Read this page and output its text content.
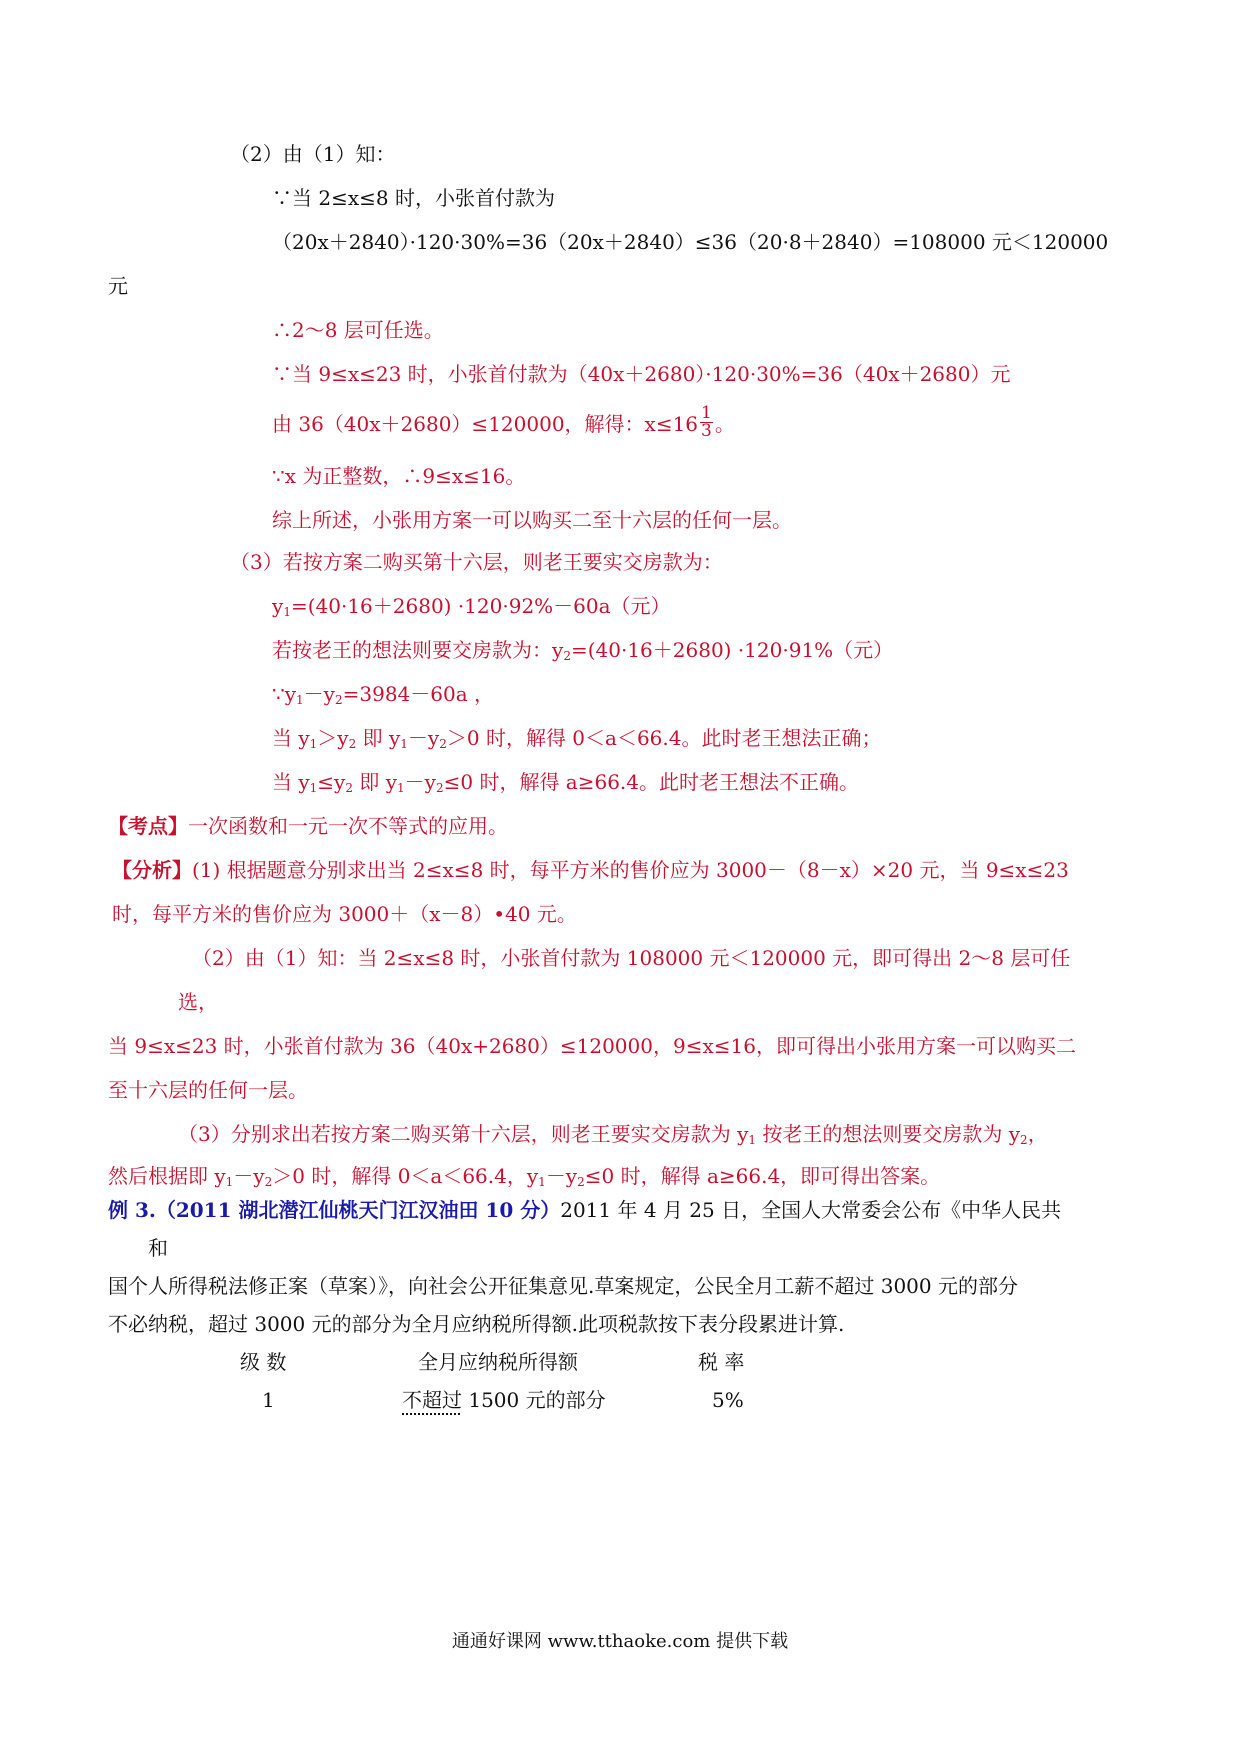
（2）由（1）知：
∵当 2≤x≤8 时，小张首付款为
（20x＋2840）·120·30%=36（20x＋2840）≤36（20·8＋2840）=108000 元＜120000
元
∴2～8 层可任选。
∵当 9≤x≤23 时，小张首付款为（40x＋2680）·120·30%=36（40x＋2680）元
由 36（40x＋2680）≤120000，解得：$x\le 16 \frac{1}{3}$ 。
∵x 为正整数，∴9≤x≤16。
综上所述，小张用方案一可以购买二至十六层的任何一层。
（3）若按方案二购买第十六层，则老王要实交房款为：
$y_1=(40\cdot 16+2680) \cdot 120\cdot 92\%-60a$（元）
若按老王的想法则要交房款为：$y_2=(40\cdot 16+2680) \cdot 120\cdot 91\%$（元）
$\because y_1-y_2=3984-60a$ ，
当 $y_1>y_2$ 即 $y_1-y_2>0$ 时，解得 0＜a＜66.4。此时老王想法正确；
当 $y_1\le y_2$ 即 $y_1-y_2\le 0$ 时，解得 a≥66.4。此时老王想法不正确。
【考点】一次函数和一元一次不等式的应用。
【分析】(1) 根据题意分别求出当 2≤x≤8 时，每平方米的售价应为 3000－（8－x）×20 元，当 9≤x≤23
时，每平方米的售价应为 3000＋（x－8）•40 元。
（2）由（1）知：当 2≤x≤8 时，小张首付款为 108000 元＜120000 元，即可得出 2～8 层可任
选，
当 9≤x≤23 时，小张首付款为 36（40x+2680）≤120000，9≤x≤16，即可得出小张用方案一可以购买二
至十六层的任何一层。
（3）分别求出若按方案二购买第十六层，则老王要实交房款为 $y_1$ 按老王的想法则要交房款为 $y_2$，
然后根据即 $y_1-y_2>0$ 时，解得 0＜a＜66.4，$y_1-y_2\le 0$ 时，解得 a≥66.4，即可得出答案。
例 3.（2011 湖北潜江仙桃天门江汉油田 10 分）2011 年 4 月 25 日，全国人大常委会公布《中华人民共
和
国个人所得税法修正案（草案）》，向社会公开征集意见.草案规定，公民全月工薪不超过 3000 元的部分
不必纳税，超过 3000 元的部分为全月应纳税所得额.此项税款按下表分段累进计算.
级 数	全月应纳税所得额	税 率
1	不超过 1500 元的部分	5%
通通好课网 www.tthaoke.com 提供下载
